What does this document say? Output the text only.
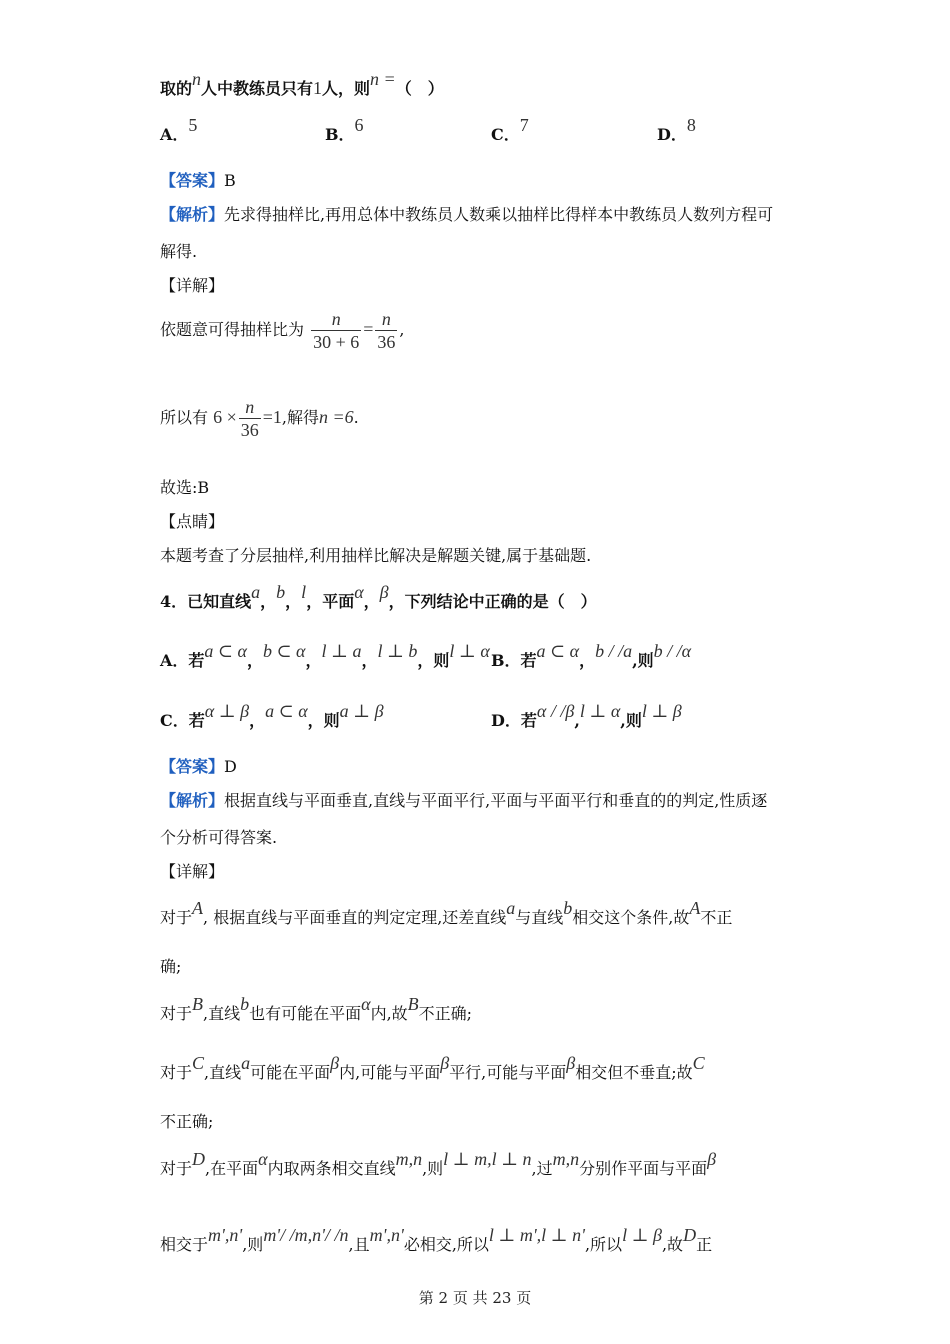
取的n人中教练员只有1人，则n =（　）
A．5	B．6	C．7	D．8
【答案】B
【解析】先求得抽样比,再用总体中教练员人数乘以抽样比得样本中教练员人数列方程可
解得.
【详解】
依题意可得抽样比为 $\frac{n}{30 + 6} = \frac{n}{36}$ ,
所以有 $6 \times \frac{n}{36} =1$,解得n =6.
故选:B
【点睛】
本题考查了分层抽样,利用抽样比解决是解题关键,属于基础题.
4．已知直线a，b，l，平面α，β，下列结论中正确的是（　）
A．若a ⊂ α，b ⊂ α，l ⊥ a，l ⊥ b，则l ⊥ α B．若a ⊂ α，b / /a,则b / /α
C．若α ⊥ β，a ⊂ α，则a ⊥ β	D．若α / /β,l ⊥ α,则l ⊥ β
【答案】D
【解析】根据直线与平面垂直,直线与平面平行,平面与平面平行和垂直的的判定,性质逐
个分析可得答案.
【详解】
对于A, 根据直线与平面垂直的判定定理,还差直线a与直线b相交这个条件,故A不正
确;
对于B,直线b也有可能在平面α内,故B不正确;
对于C,直线a可能在平面β内,可能与平面β平行,可能与平面β相交但不垂直;故C
不正确;
对于D,在平面α内取两条相交直线m,n,则l ⊥ m,l ⊥ n,过m,n分别作平面与平面β
相交于m',n',则m'/ /m,n'/ /n,且m',n'必相交,所以l ⊥ m',l ⊥ n',所以l ⊥ β,故D正
第 2 页 共 23 页
